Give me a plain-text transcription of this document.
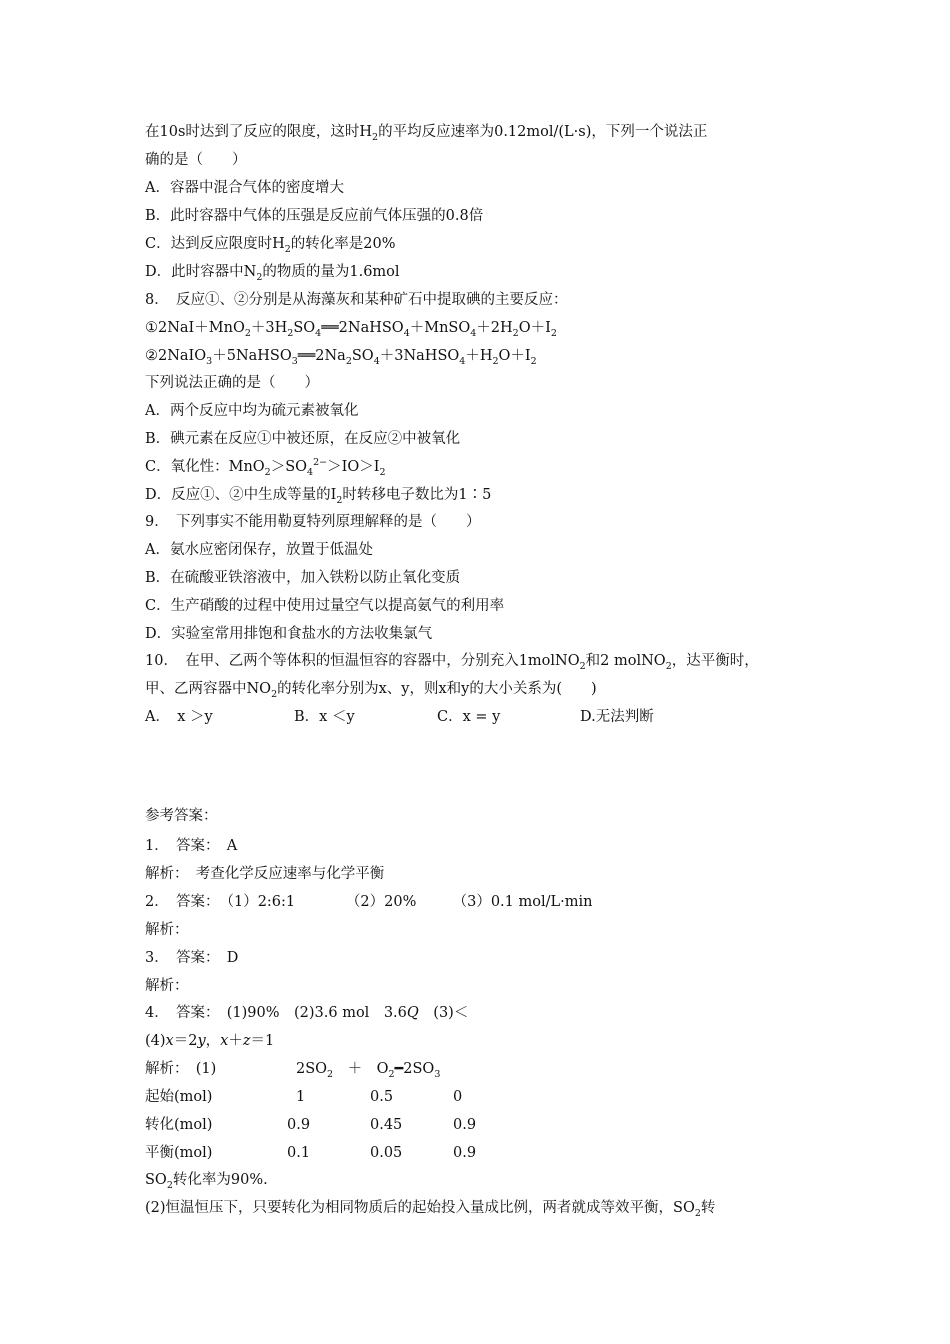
在10s时达到了反应的限度，这时$H_2$的平均反应速率为0.12mol/(L·s)，下列一个说法正
确的是（　　）
A．容器中混合气体的密度增大
B．此时容器中气体的压强是反应前气体压强的0.8倍
C．达到反应限度时$H_2$的转化率是20%
D．此时容器中$N_2$的物质的量为1.6mol
8．　反应①、②分别是从海藻灰和某种矿石中提取碘的主要反应：
$①2NaI+MnO_2+3H_2SO_4══2NaHSO_4+MnSO_4+2H_2O+I_2$
$②2NaIO_3+5NaHSO_3══2Na_2SO_4+3NaHSO_4+H_2O+I_2$
下列说法正确的是（　　）
A．两个反应中均为硫元素被氧化
B．碘元素在反应①中被还原，在反应②中被氧化
C．氧化性：$MnO_2>SO_4^{2-}>IO>I_2$
D．反应①、②中生成等量的$I_2$时转移电子数比为1∶5
9．　下列事实不能用勒夏特列原理解释的是（　　）
A．氨水应密闭保存，放置于低温处
B．在硫酸亚铁溶液中，加入铁粉以防止氧化变质
C．生产硝酸的过程中使用过量空气以提高氨气的利用率
D．实验室常用排饱和食盐水的方法收集氯气
10．　在甲、乙两个等体积的恒温恒容的容器中，分别充入1molNO$_2$和2 molNO$_2$，达平衡时，
甲、乙两容器中$NO_2$的转化率分别为x、y，则x和y的大小关系为(　　)
A．　x ＞y	B．x ＜y	C．x = y	D.无法判断
参考答案：
1．　答案：　A
解析：　考查化学反应速率与化学平衡
2．　答案：　（1）2:6:1　　　　（2）20%　　　（3）0.1 mol/L·min
解析：
3．　答案：　D
解析：
4．　答案：　(1)90%　(2)3.6 mol　3.6Q　(3)＜
(4)x＝2y，x＋z＝1
解析：　(1)	$2SO_2$　＋　$O_2━2SO_3$
起始(mol)	1	0.5	0
转化(mol)	0.9	0.45	0.9
平衡(mol)	0.1	0.05	0.9
$SO_2$转化率为90%.
(2)恒温恒压下，只要转化为相同物质后的起始投入量成比例，两者就成等效平衡，$SO_2$转
